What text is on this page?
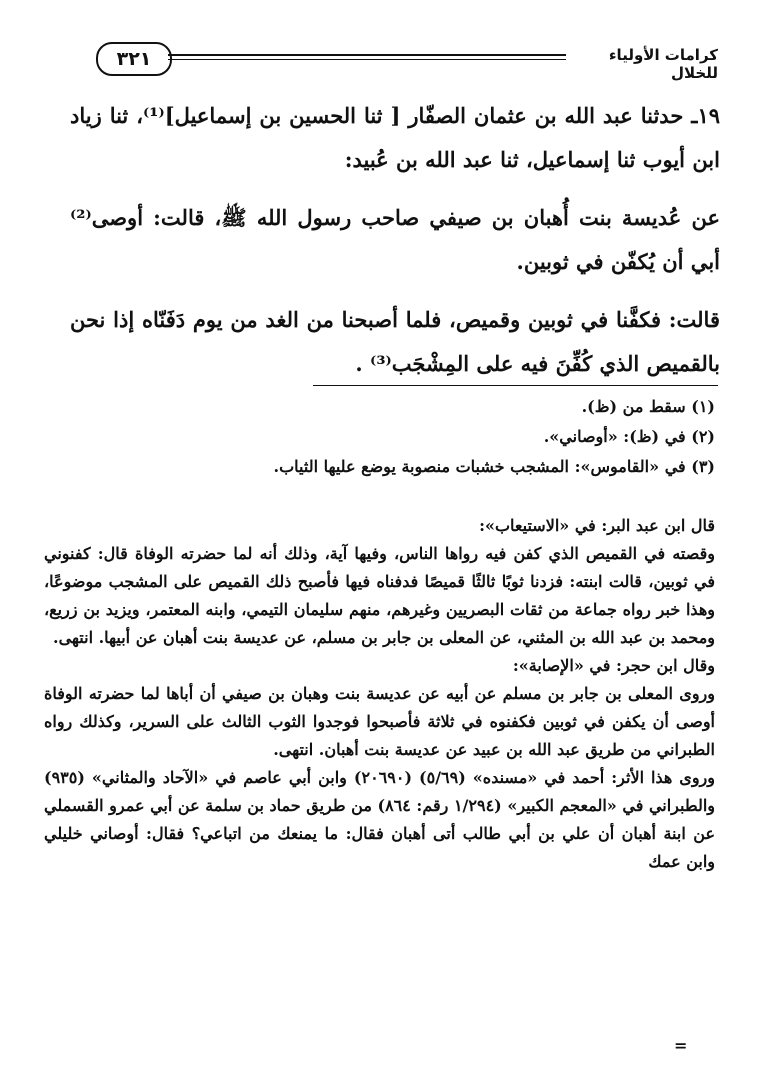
٣٢١	كرامات الأولياء للخلال

١٩ـ حدثنا عبد الله بن عثمان الصفّار [ ثنا الحسين بن إسماعيل]⁽¹⁾، ثنا زياد ابن أيوب ثنا إسماعيل، ثنا عبد الله بن عُبيد:

عن عُديسة بنت أُهبان بن صيفي صاحب رسول الله ﷺ، قالت: أوصى⁽²⁾ أبي أن يُكفّن في ثوبين.

قالت: فكفَّنا في ثوبين وقميص، فلما أصبحنا من الغد من يوم دَفَنّاه إذا نحن بالقميص الذي كُفِّنَ فيه على المِشْجَب⁽³⁾ .

(١) سقط من (ظ).
(٢) في (ظ): «أوصاني».
(٣) في «القاموس»: المشجب خشبات منصوبة يوضع عليها الثياب.

قال ابن عبد البر: في «الاستيعاب»:

وقصته في القميص الذي كفن فيه رواها الناس، وفيها آية، وذلك أنه لما حضرته الوفاة قال: كفنوني في ثوبين، قالت ابنته: فزدنا ثوبًا ثالثًا قميصًا فدفناه فيها فأصبح ذلك القميص على المشجب موضوعًا، وهذا خبر رواه جماعة من ثقات البصريين وغيرهم، منهم سليمان التيمي، وابنه المعتمر، ويزيد بن زريع، ومحمد بن عبد الله بن المثني، عن المعلى بن جابر بن مسلم، عن عديسة بنت أهبان عن أبيها. انتهى.

وقال ابن حجر: في «الإصابة»:

وروى المعلى بن جابر بن مسلم عن أبيه عن عديسة بنت وهبان بن صيفي أن أباها لما حضرته الوفاة أوصى أن يكفن في ثوبين فكفنوه في ثلاثة فأصبحوا فوجدوا الثوب الثالث على السرير، وكذلك رواه الطبراني من طريق عبد الله بن عبيد عن عديسة بنت أهبان. انتهى.

وروى هذا الأثر: أحمد في «مسنده» (٥/٦٩) (٢٠٦٩٠) وابن أبي عاصم في «الآحاد والمثاني» (٩٣٥) والطبراني في «المعجم الكبير» (١/٢٩٤ رقم: ٨٦٤) من طريق حماد بن سلمة عن أبي عمرو القسملي عن ابنة أهبان أن علي بن أبي طالب أتى أهبان فقال: ما يمنعك من اتباعي؟ فقال: أوصاني خليلي وابن عمك

=
